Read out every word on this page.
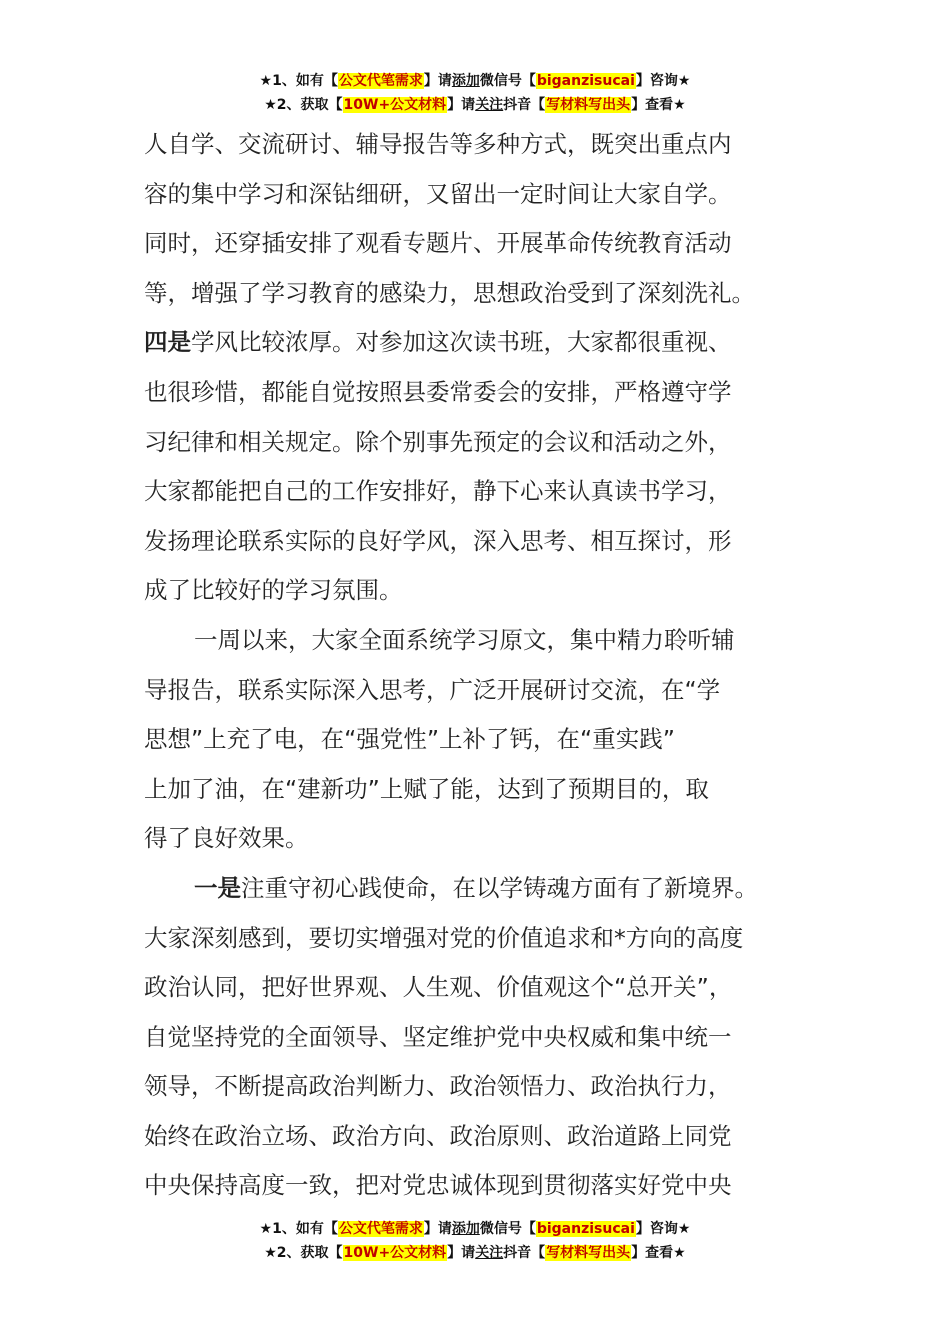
★1、如有【公文代笔需求】请添加微信号【biganzisucai】咨询★
★2、获取【10W+公文材料】请关注抖音【写材料写出头】查看★
人自学、交流研讨、辅导报告等多种方式，既突出重点内
容的集中学习和深钻细研，又留出一定时间让大家自学。
同时，还穿插安排了观看专题片、开展革命传统教育活动
等，增强了学习教育的感染力，思想政治受到了深刻洗礼。
四是学风比较浓厚。对参加这次读书班，大家都很重视、
也很珍惜，都能自觉按照县委常委会的安排，严格遵守学
习纪律和相关规定。除个别事先预定的会议和活动之外，
大家都能把自己的工作安排好，静下心来认真读书学习，
发扬理论联系实际的良好学风，深入思考、相互探讨，形
成了比较好的学习氛围。
一周以来，大家全面系统学习原文，集中精力聆听辅
导报告，联系实际深入思考，广泛开展研讨交流，在“学
思想”上充了电，在“强党性”上补了钙，在“重实践”
上加了油，在“建新功”上赋了能，达到了预期目的，取
得了良好效果。
一是注重守初心践使命，在以学铸魂方面有了新境界。
大家深刻感到，要切实增强对党的价值追求和*方向的高度
政治认同，把好世界观、人生观、价值观这个“总开关”，
自觉坚持党的全面领导、坚定维护党中央权威和集中统一
领导，不断提高政治判断力、政治领悟力、政治执行力，
始终在政治立场、政治方向、政治原则、政治道路上同党
中央保持高度一致，把对党忠诚体现到贯彻落实好党中央
★1、如有【公文代笔需求】请添加微信号【biganzisucai】咨询★
★2、获取【10W+公文材料】请关注抖音【写材料写出头】查看★
